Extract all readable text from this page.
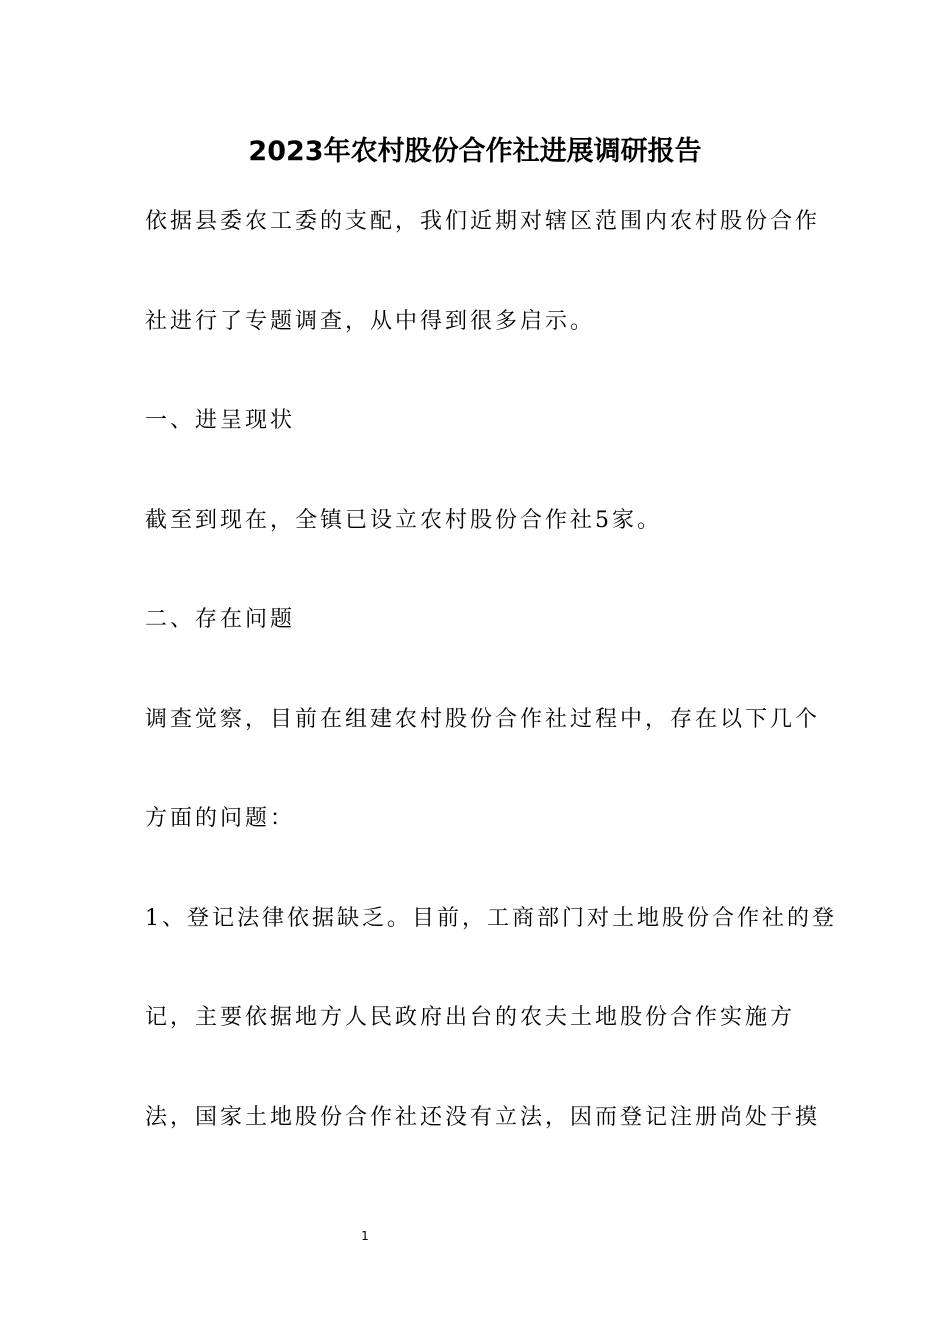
2023年农村股份合作社进展调研报告

依据县委农工委的支配，我们近期对辖区范围内农村股份合作

社进行了专题调查，从中得到很多启示。

一、进呈现状

截至到现在，全镇已设立农村股份合作社5家。

二、存在问题

调查觉察，目前在组建农村股份合作社过程中，存在以下几个

方面的问题：

1、登记法律依据缺乏。目前，工商部门对土地股份合作社的登

记，主要依据地方人民政府出台的农夫土地股份合作实施方

法，国家土地股份合作社还没有立法，因而登记注册尚处于摸

1
